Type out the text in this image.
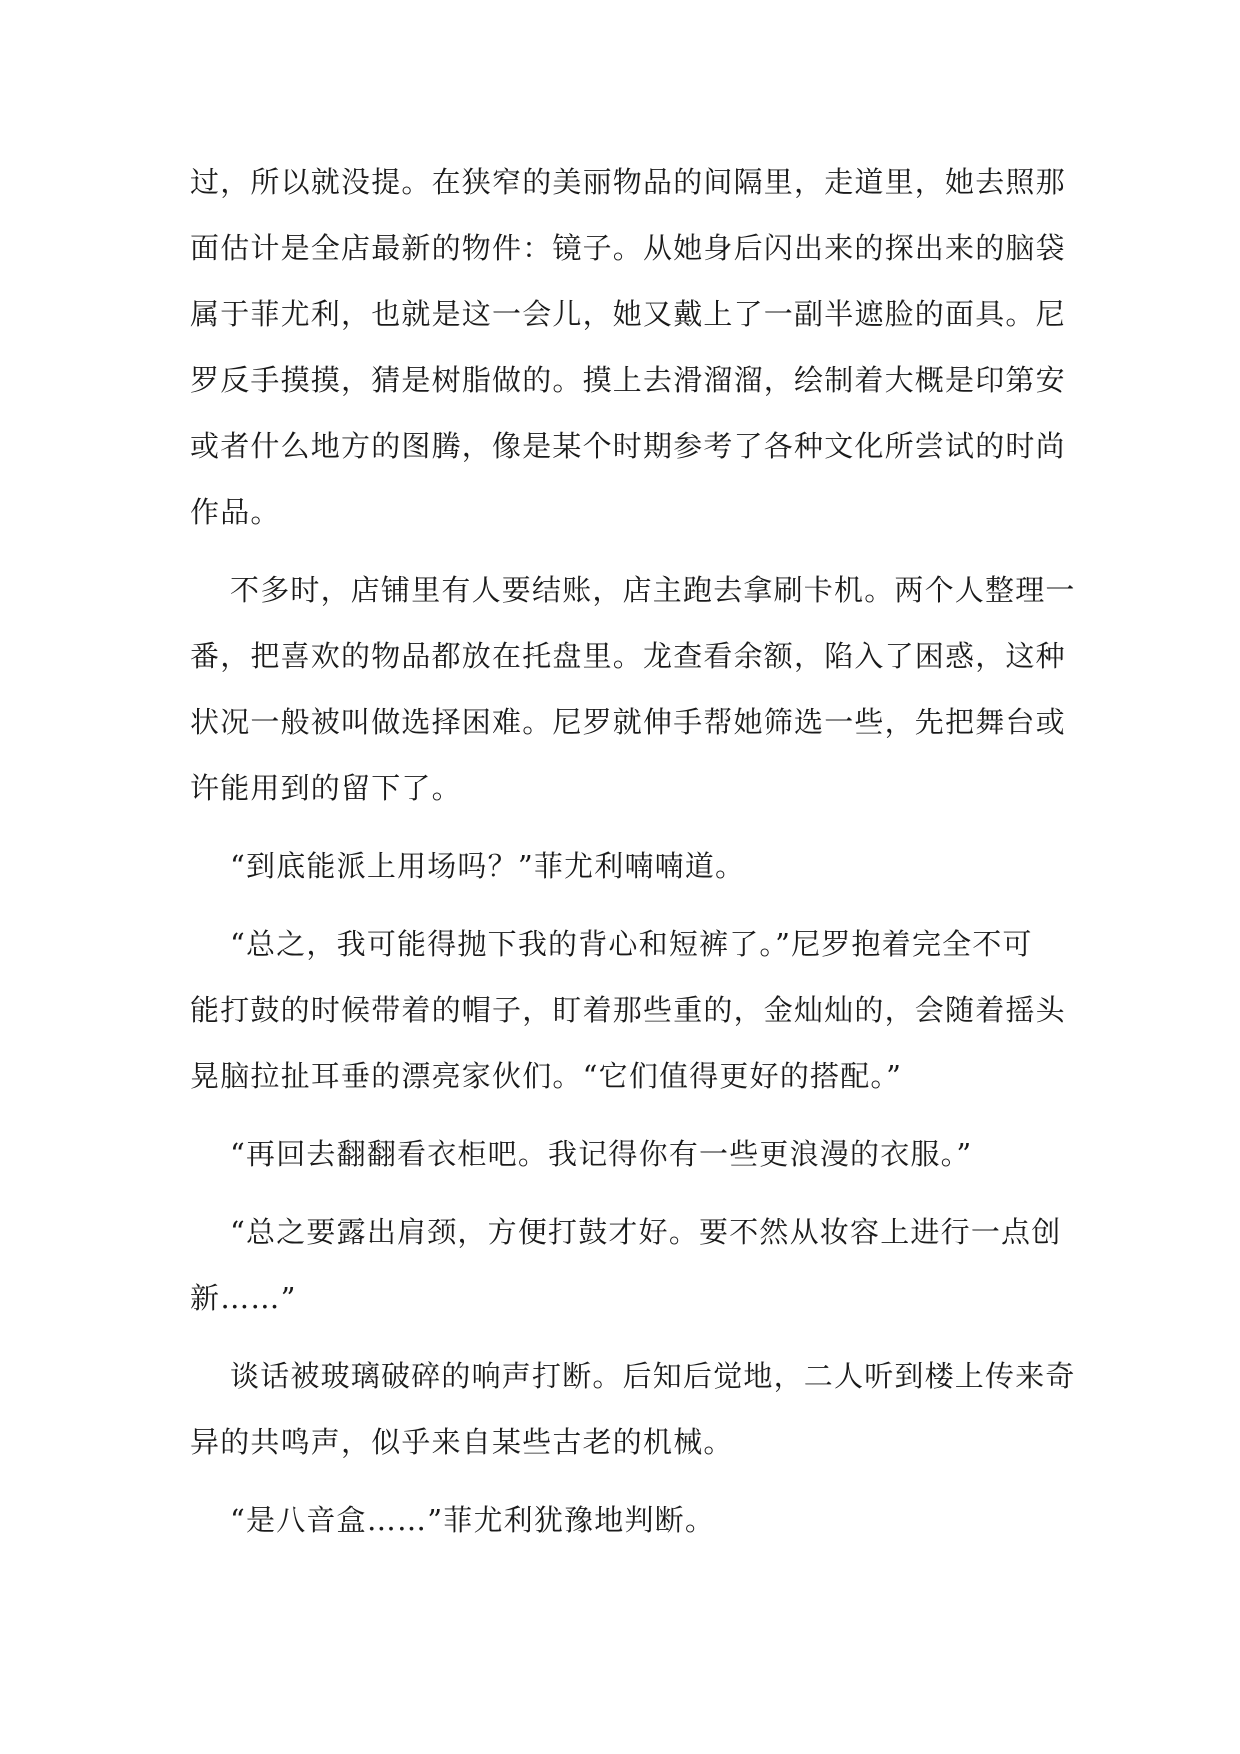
过，所以就没提。在狭窄的美丽物品的间隔里，走道里，她去照那

面估计是全店最新的物件：镜子。从她身后闪出来的探出来的脑袋

属于菲尤利，也就是这一会儿，她又戴上了一副半遮脸的面具。尼

罗反手摸摸，猜是树脂做的。摸上去滑溜溜，绘制着大概是印第安

或者什么地方的图腾，像是某个时期参考了各种文化所尝试的时尚

作品。

不多时，店铺里有人要结账，店主跑去拿刷卡机。两个人整理一

番，把喜欢的物品都放在托盘里。龙查看余额，陷入了困惑，这种

状况一般被叫做选择困难。尼罗就伸手帮她筛选一些，先把舞台或

许能用到的留下了。

“到底能派上用场吗？”菲尤利喃喃道。

“总之，我可能得抛下我的背心和短裤了。”尼罗抱着完全不可

能打鼓的时候带着的帽子，盯着那些重的，金灿灿的，会随着摇头

晃脑拉扯耳垂的漂亮家伙们。“它们值得更好的搭配。”

“再回去翻翻看衣柜吧。我记得你有一些更浪漫的衣服。”

“总之要露出肩颈，方便打鼓才好。要不然从妆容上进行一点创

新……”

谈话被玻璃破碎的响声打断。后知后觉地，二人听到楼上传来奇

异的共鸣声，似乎来自某些古老的机械。

“是八音盒……”菲尤利犹豫地判断。
